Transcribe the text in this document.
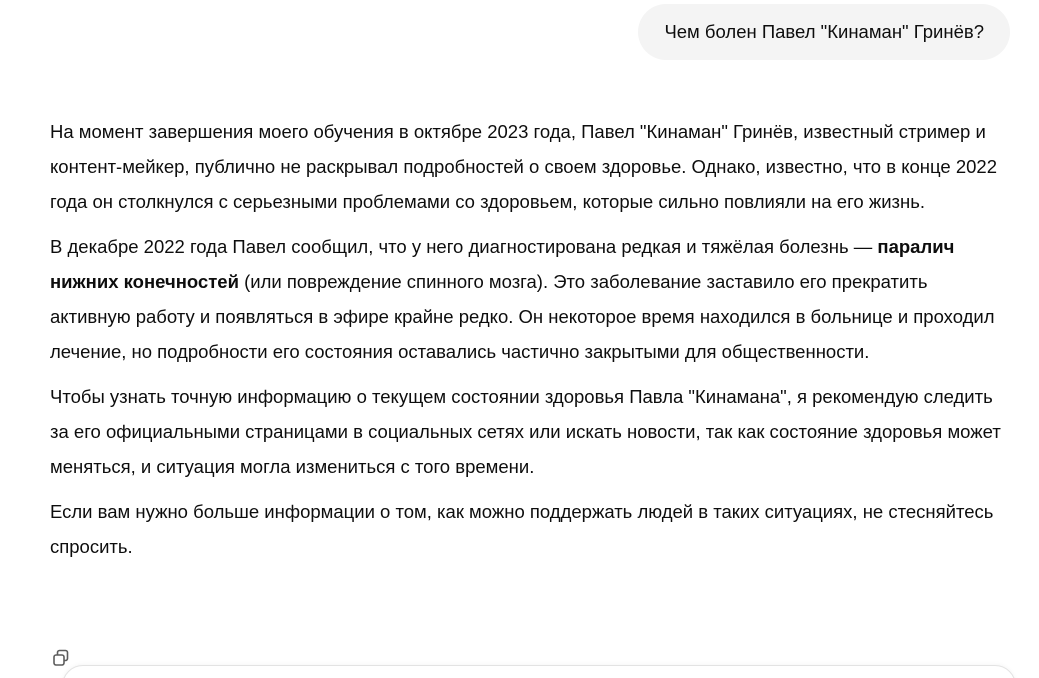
Чем болен Павел "Кинаман" Гринёв?

На момент завершения моего обучения в октябре 2023 года, Павел "Кинаман" Гринёв, известный стример и контент-мейкер, публично не раскрывал подробностей о своем здоровье. Однако, известно, что в конце 2022 года он столкнулся с серьезными проблемами со здоровьем, которые сильно повлияли на его жизнь.

В декабре 2022 года Павел сообщил, что у него диагностирована редкая и тяжёлая болезнь — паралич нижних конечностей (или повреждение спинного мозга). Это заболевание заставило его прекратить активную работу и появляться в эфире крайне редко. Он некоторое время находился в больнице и проходил лечение, но подробности его состояния оставались частично закрытыми для общественности.

Чтобы узнать точную информацию о текущем состоянии здоровья Павла "Кинамана", я рекомендую следить за его официальными страницами в социальных сетях или искать новости, так как состояние здоровья может меняться, и ситуация могла измениться с того времени.

Если вам нужно больше информации о том, как можно поддержать людей в таких ситуациях, не стесняйтесь спросить.
